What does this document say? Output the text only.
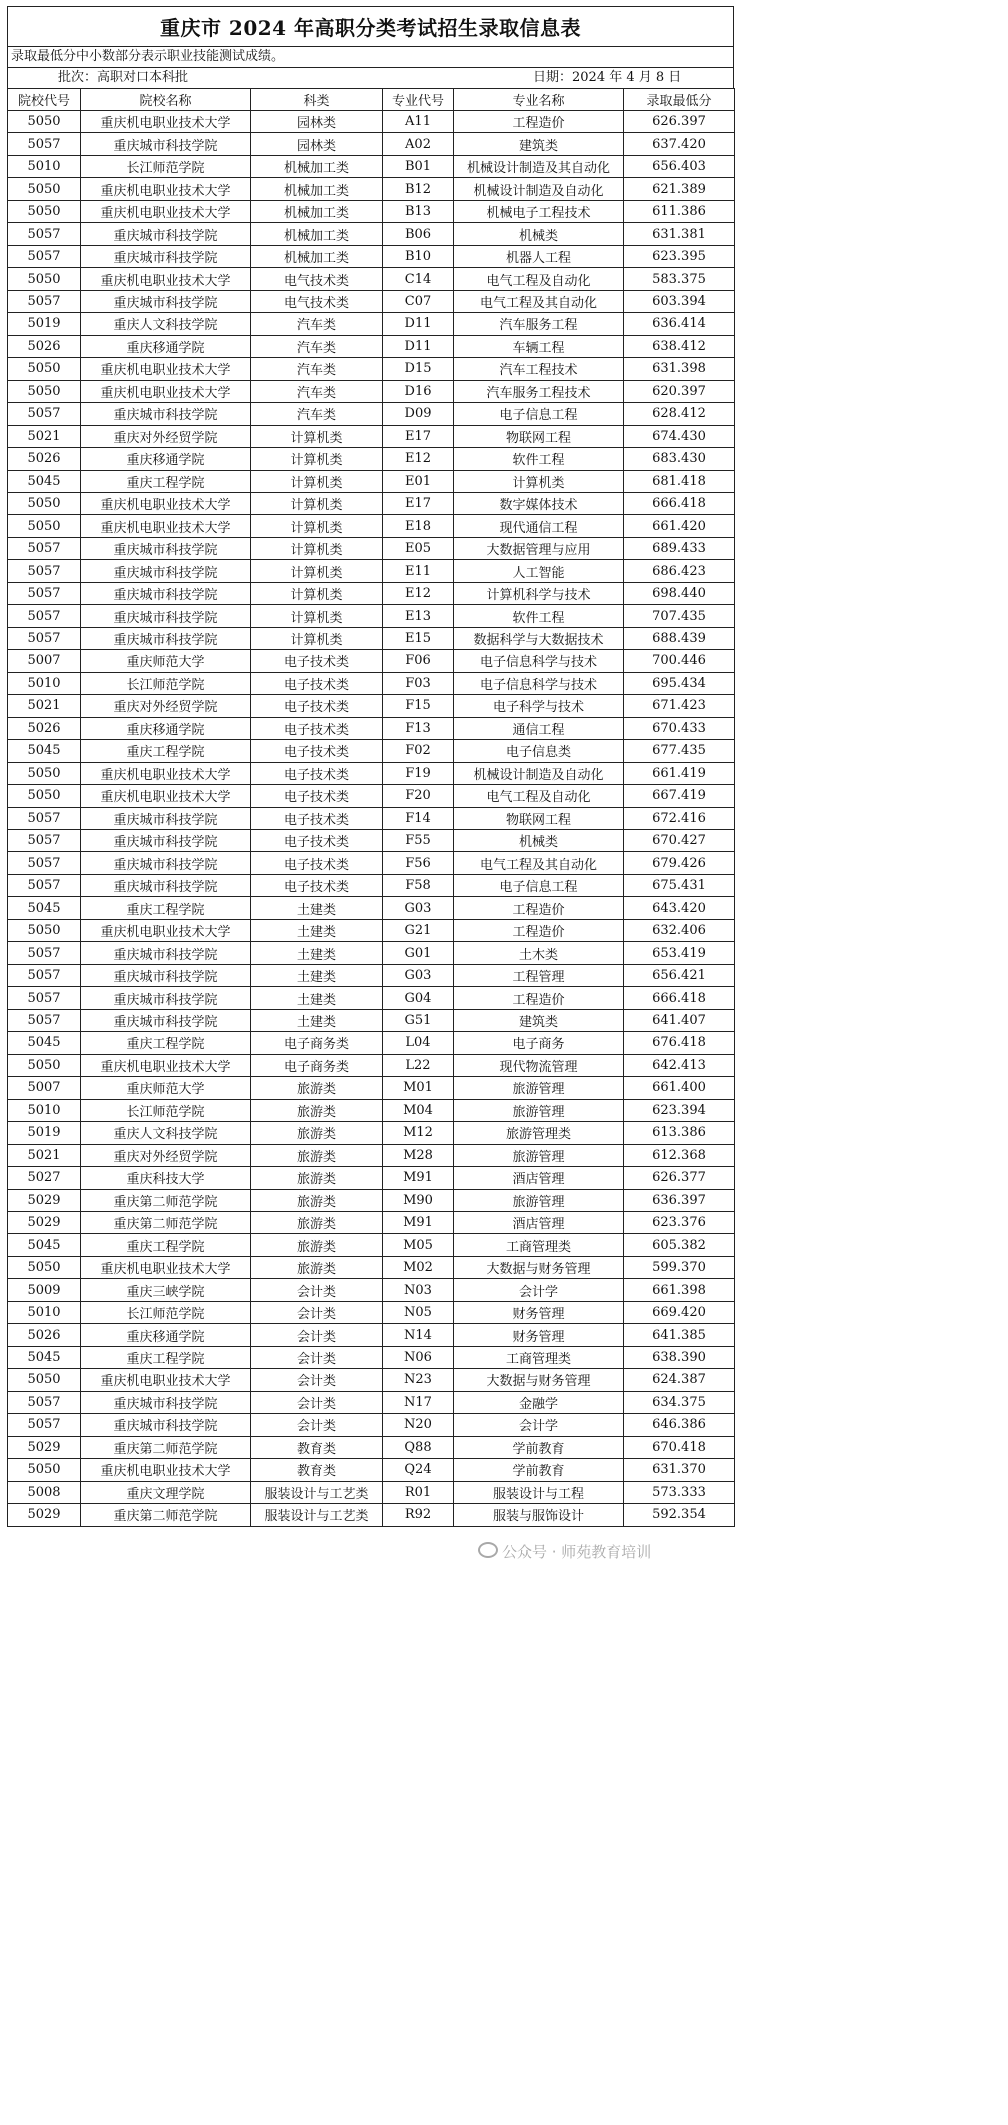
重庆市 2024 年高职分类考试招生录取信息表
录取最低分中小数部分表示职业技能测试成绩。
批次：高职对口本科批	日期：2024 年 4 月 8 日
院校代号	院校名称	科类	专业代号	专业名称	录取最低分
5050	重庆机电职业技术大学	园林类	A11	工程造价	626.397
5057	重庆城市科技学院	园林类	A02	建筑类	637.420
5010	长江师范学院	机械加工类	B01	机械设计制造及其自动化	656.403
5050	重庆机电职业技术大学	机械加工类	B12	机械设计制造及自动化	621.389
5050	重庆机电职业技术大学	机械加工类	B13	机械电子工程技术	611.386
5057	重庆城市科技学院	机械加工类	B06	机械类	631.381
5057	重庆城市科技学院	机械加工类	B10	机器人工程	623.395
5050	重庆机电职业技术大学	电气技术类	C14	电气工程及自动化	583.375
5057	重庆城市科技学院	电气技术类	C07	电气工程及其自动化	603.394
5019	重庆人文科技学院	汽车类	D11	汽车服务工程	636.414
5026	重庆移通学院	汽车类	D11	车辆工程	638.412
5050	重庆机电职业技术大学	汽车类	D15	汽车工程技术	631.398
5050	重庆机电职业技术大学	汽车类	D16	汽车服务工程技术	620.397
5057	重庆城市科技学院	汽车类	D09	电子信息工程	628.412
5021	重庆对外经贸学院	计算机类	E17	物联网工程	674.430
5026	重庆移通学院	计算机类	E12	软件工程	683.430
5045	重庆工程学院	计算机类	E01	计算机类	681.418
5050	重庆机电职业技术大学	计算机类	E17	数字媒体技术	666.418
5050	重庆机电职业技术大学	计算机类	E18	现代通信工程	661.420
5057	重庆城市科技学院	计算机类	E05	大数据管理与应用	689.433
5057	重庆城市科技学院	计算机类	E11	人工智能	686.423
5057	重庆城市科技学院	计算机类	E12	计算机科学与技术	698.440
5057	重庆城市科技学院	计算机类	E13	软件工程	707.435
5057	重庆城市科技学院	计算机类	E15	数据科学与大数据技术	688.439
5007	重庆师范大学	电子技术类	F06	电子信息科学与技术	700.446
5010	长江师范学院	电子技术类	F03	电子信息科学与技术	695.434
5021	重庆对外经贸学院	电子技术类	F15	电子科学与技术	671.423
5026	重庆移通学院	电子技术类	F13	通信工程	670.433
5045	重庆工程学院	电子技术类	F02	电子信息类	677.435
5050	重庆机电职业技术大学	电子技术类	F19	机械设计制造及自动化	661.419
5050	重庆机电职业技术大学	电子技术类	F20	电气工程及自动化	667.419
5057	重庆城市科技学院	电子技术类	F14	物联网工程	672.416
5057	重庆城市科技学院	电子技术类	F55	机械类	670.427
5057	重庆城市科技学院	电子技术类	F56	电气工程及其自动化	679.426
5057	重庆城市科技学院	电子技术类	F58	电子信息工程	675.431
5045	重庆工程学院	土建类	G03	工程造价	643.420
5050	重庆机电职业技术大学	土建类	G21	工程造价	632.406
5057	重庆城市科技学院	土建类	G01	土木类	653.419
5057	重庆城市科技学院	土建类	G03	工程管理	656.421
5057	重庆城市科技学院	土建类	G04	工程造价	666.418
5057	重庆城市科技学院	土建类	G51	建筑类	641.407
5045	重庆工程学院	电子商务类	L04	电子商务	676.418
5050	重庆机电职业技术大学	电子商务类	L22	现代物流管理	642.413
5007	重庆师范大学	旅游类	M01	旅游管理	661.400
5010	长江师范学院	旅游类	M04	旅游管理	623.394
5019	重庆人文科技学院	旅游类	M12	旅游管理类	613.386
5021	重庆对外经贸学院	旅游类	M28	旅游管理	612.368
5027	重庆科技大学	旅游类	M91	酒店管理	626.377
5029	重庆第二师范学院	旅游类	M90	旅游管理	636.397
5029	重庆第二师范学院	旅游类	M91	酒店管理	623.376
5045	重庆工程学院	旅游类	M05	工商管理类	605.382
5050	重庆机电职业技术大学	旅游类	M02	大数据与财务管理	599.370
5009	重庆三峡学院	会计类	N03	会计学	661.398
5010	长江师范学院	会计类	N05	财务管理	669.420
5026	重庆移通学院	会计类	N14	财务管理	641.385
5045	重庆工程学院	会计类	N06	工商管理类	638.390
5050	重庆机电职业技术大学	会计类	N23	大数据与财务管理	624.387
5057	重庆城市科技学院	会计类	N17	金融学	634.375
5057	重庆城市科技学院	会计类	N20	会计学	646.386
5029	重庆第二师范学院	教育类	Q88	学前教育	670.418
5050	重庆机电职业技术大学	教育类	Q24	学前教育	631.370
5008	重庆文理学院	服装设计与工艺类	R01	服装设计与工程	573.333
5029	重庆第二师范学院	服装设计与工艺类	R92	服装与服饰设计	592.354
公众号 · 师苑教育培训
